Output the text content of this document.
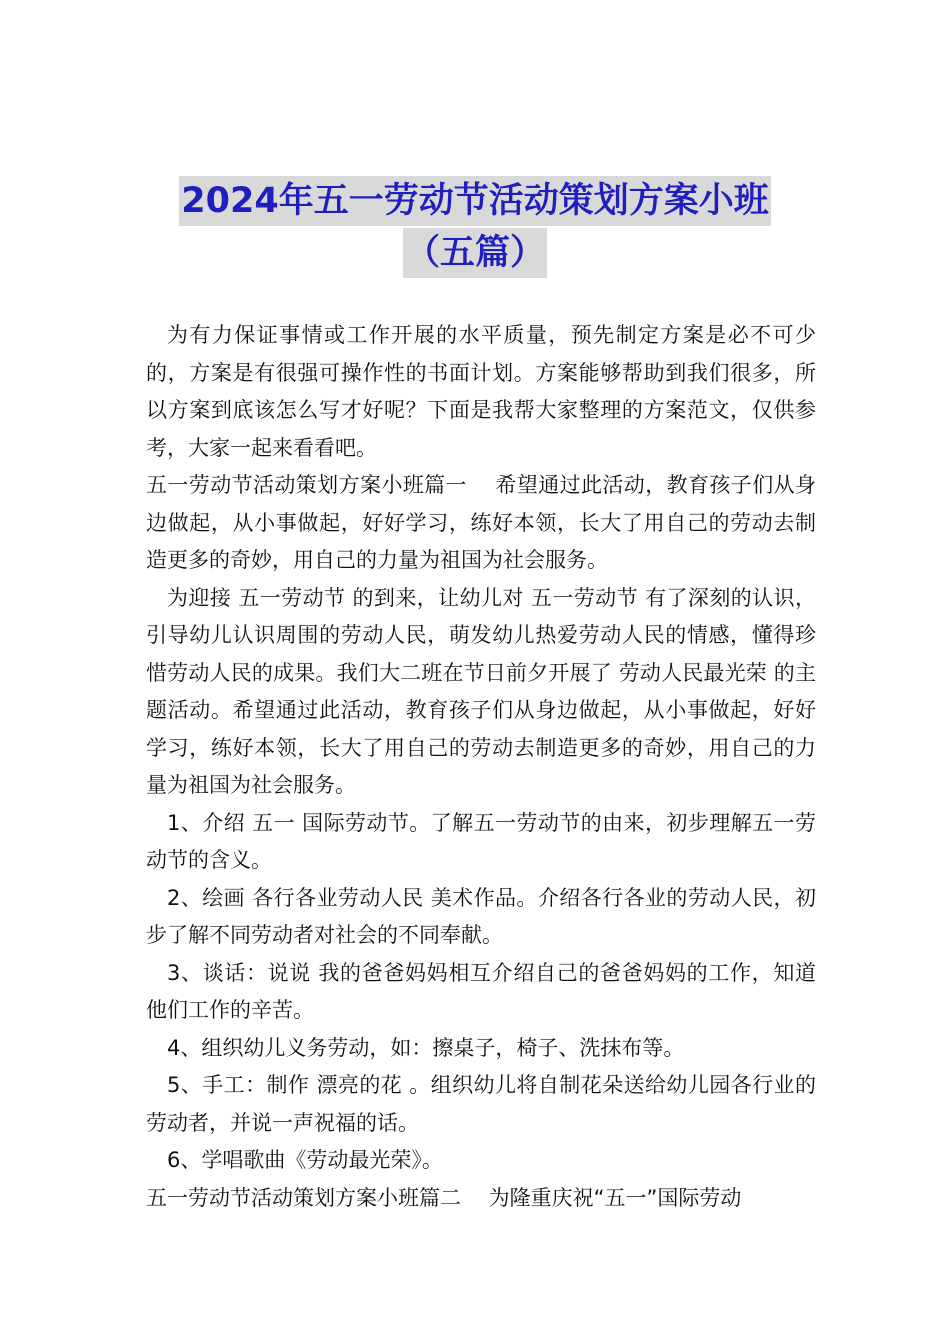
2024年五一劳动节活动策划方案小班
（五篇）

为有力保证事情或工作开展的水平质量，预先制定方案是必不可少的，方案是有很强可操作性的书面计划。方案能够帮助到我们很多，所以方案到底该怎么写才好呢？下面是我帮大家整理的方案范文，仅供参考，大家一起来看看吧。

五一劳动节活动策划方案小班篇一　 希望通过此活动，教育孩子们从身边做起，从小事做起，好好学习，练好本领，长大了用自己的劳动去制造更多的奇妙，用自己的力量为祖国为社会服务。

为迎接 五一劳动节 的到来，让幼儿对 五一劳动节 有了深刻的认识，引导幼儿认识周围的劳动人民，萌发幼儿热爱劳动人民的情感，懂得珍惜劳动人民的成果。我们大二班在节日前夕开展了 劳动人民最光荣 的主题活动。希望通过此活动，教育孩子们从身边做起，从小事做起，好好学习，练好本领，长大了用自己的劳动去制造更多的奇妙，用自己的力量为祖国为社会服务。

1、介绍 五一 国际劳动节。了解五一劳动节的由来，初步理解五一劳动节的含义。

2、绘画 各行各业劳动人民 美术作品。介绍各行各业的劳动人民，初步了解不同劳动者对社会的不同奉献。

3、谈话：说说 我的爸爸妈妈相互介绍自己的爸爸妈妈的工作，知道他们工作的辛苦。

4、组织幼儿义务劳动，如：擦桌子，椅子、洗抹布等。

5、手工：制作 漂亮的花 。组织幼儿将自制花朵送给幼儿园各行业的劳动者，并说一声祝福的话。

6、学唱歌曲《劳动最光荣》。

五一劳动节活动策划方案小班篇二　 为隆重庆祝“五一”国际劳动
